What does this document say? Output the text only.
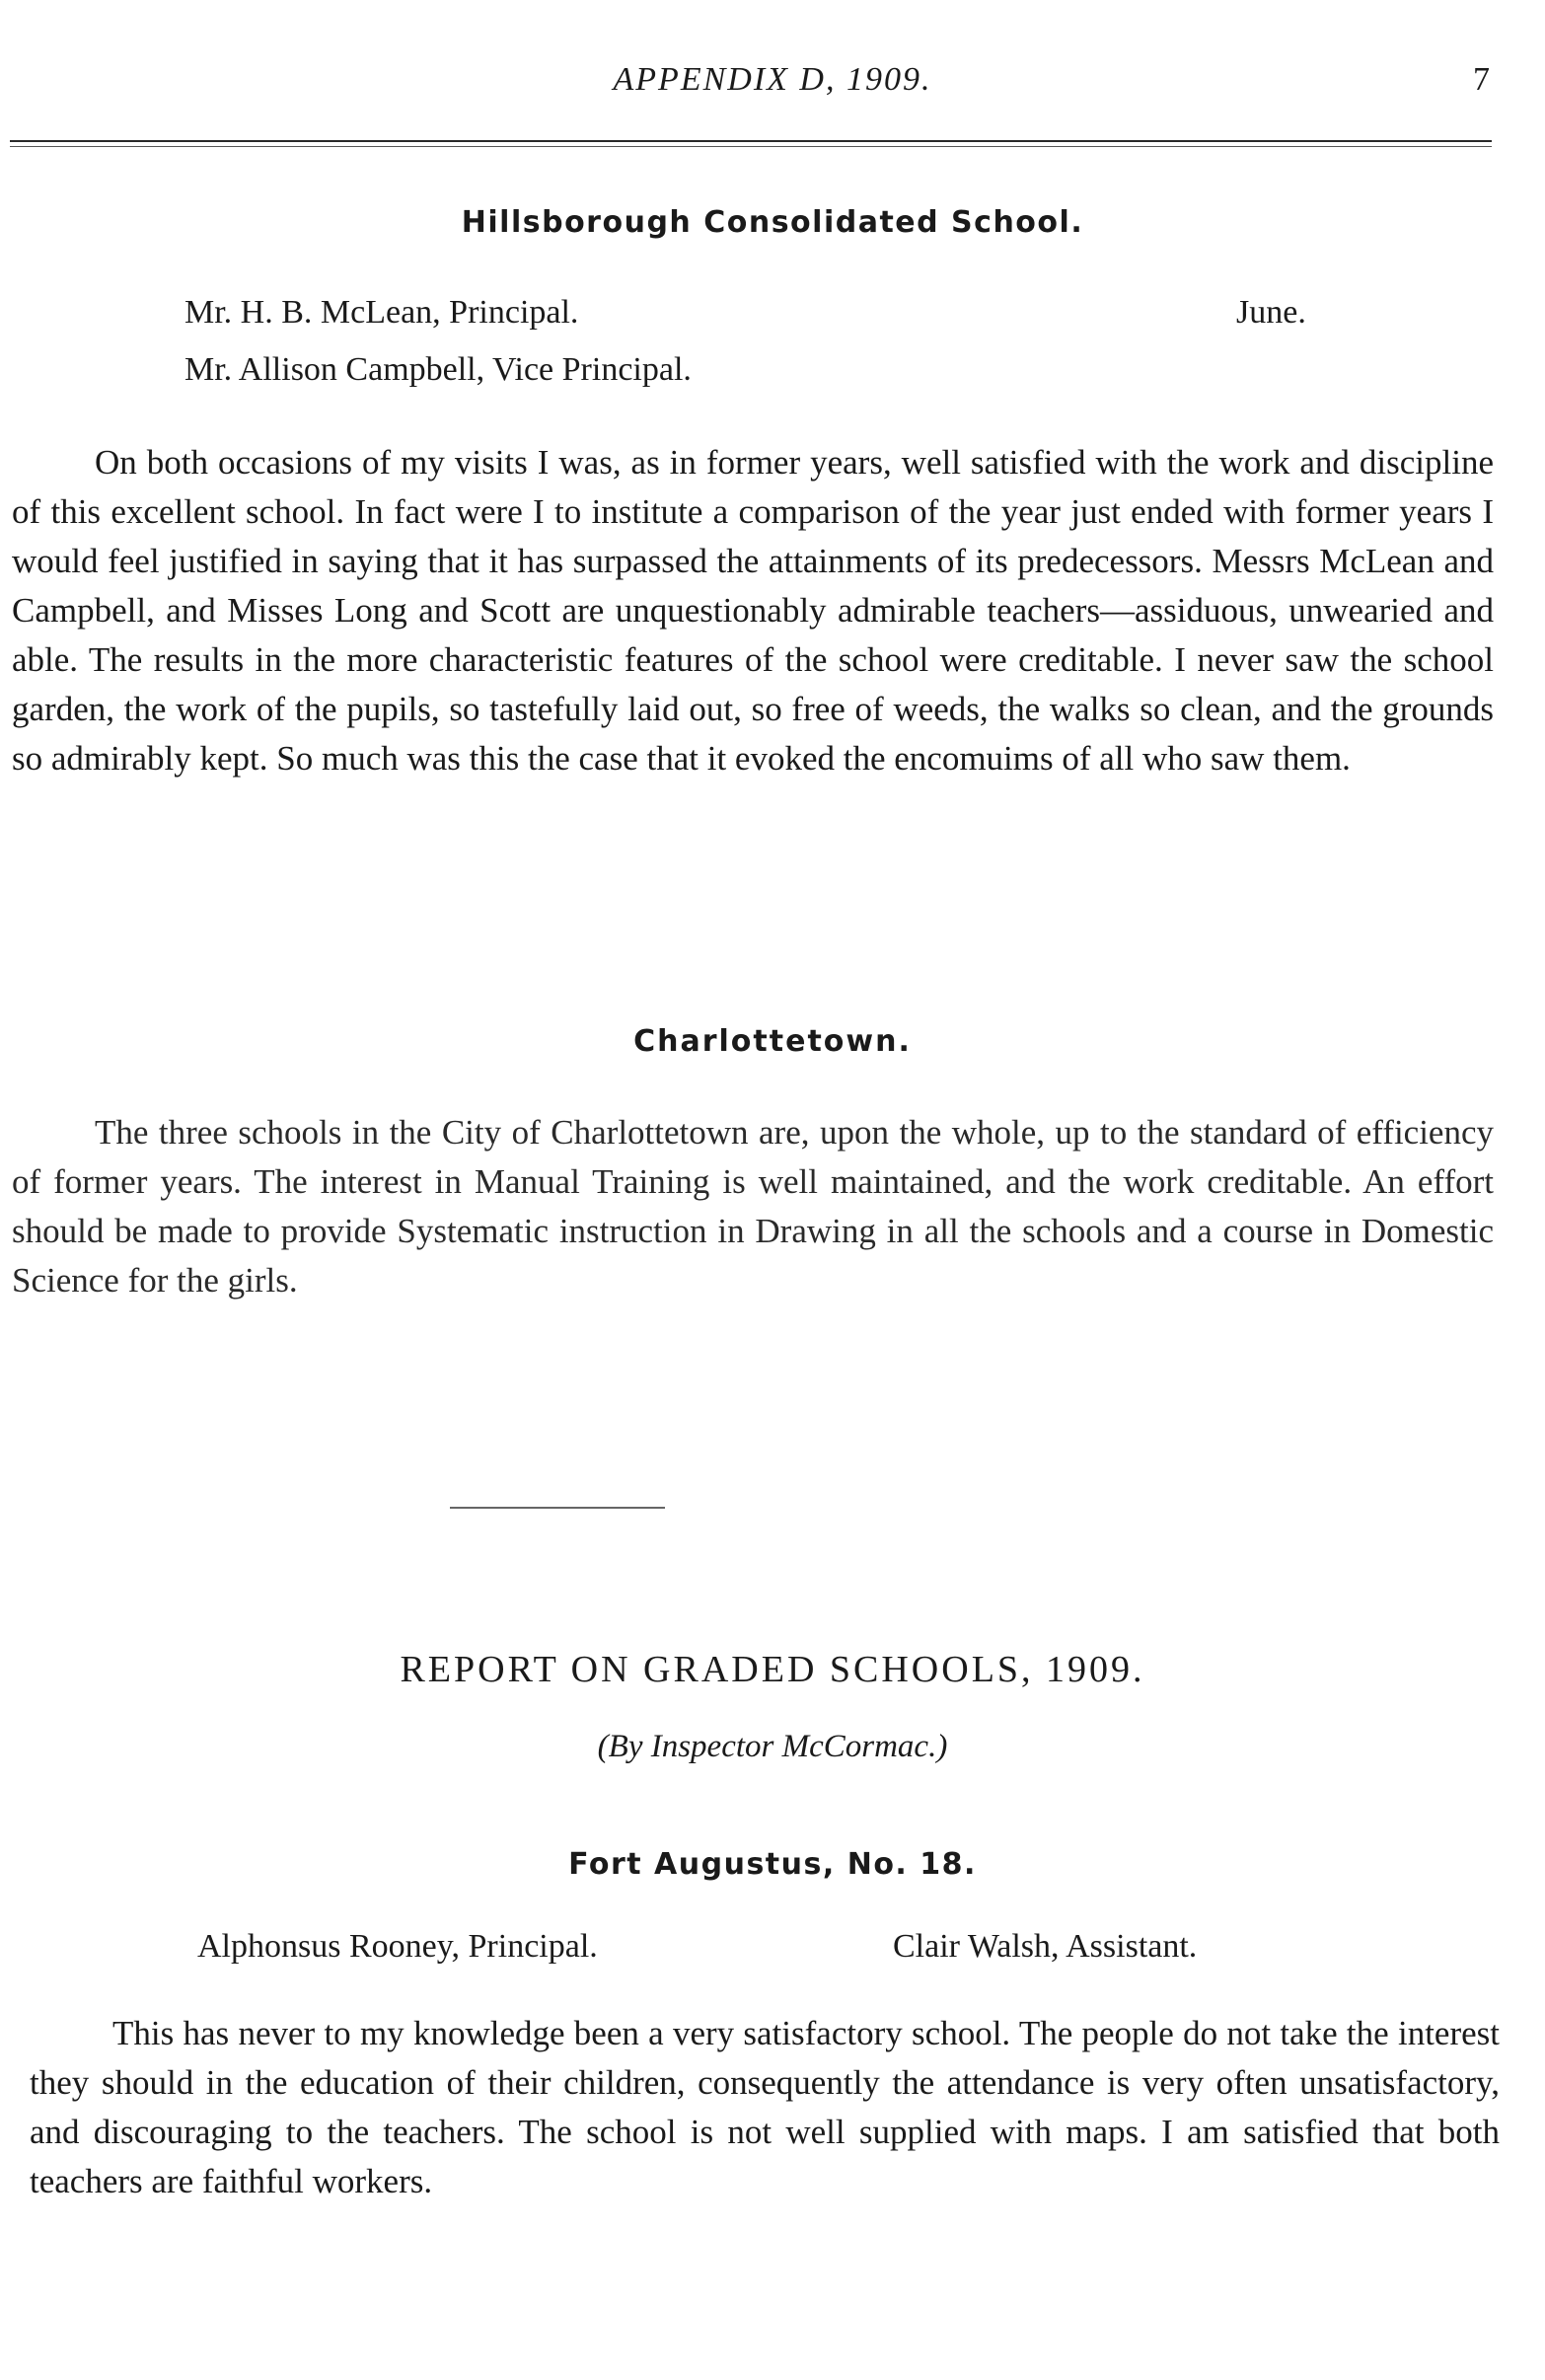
APPENDIX D, 1909.	7
Hillsborough Consolidated School.
Mr. H. B. McLean, Principal.	June.
Mr. Allison Campbell, Vice Principal.

On both occasions of my visits I was, as in former years, well satisfied with the work and discipline of this excellent school. In fact were I to institute a comparison of the year just ended with former years I would feel justified in saying that it has surpassed the attainments of its predecessors. Messrs McLean and Campbell, and Misses Long and Scott are unquestionably admirable teachers—assiduous, unwearied and able. The results in the more characteristic features of the school were creditable. I never saw the school garden, the work of the pupils, so tastefully laid out, so free of weeds, the walks so clean, and the grounds so admirably kept. So much was this the case that it evoked the encomuims of all who saw them.

Charlottetown.

The three schools in the City of Charlottetown are, upon the whole, up to the standard of efficiency of former years. The interest in Manual Training is well maintained, and the work creditable. An effort should be made to provide Systematic instruction in Drawing in all the schools and a course in Domestic Science for the girls.

REPORT ON GRADED SCHOOLS, 1909.
(By Inspector McCormac.)
Fort Augustus, No. 18.
Alphonsus Rooney, Principal.	Clair Walsh, Assistant.

This has never to my knowledge been a very satisfactory school. The people do not take the interest they should in the education of their children, consequently the attendance is very often unsatisfactory, and discouraging to the teachers. The school is not well supplied with maps. I am satisfied that both teachers are faithful workers.
